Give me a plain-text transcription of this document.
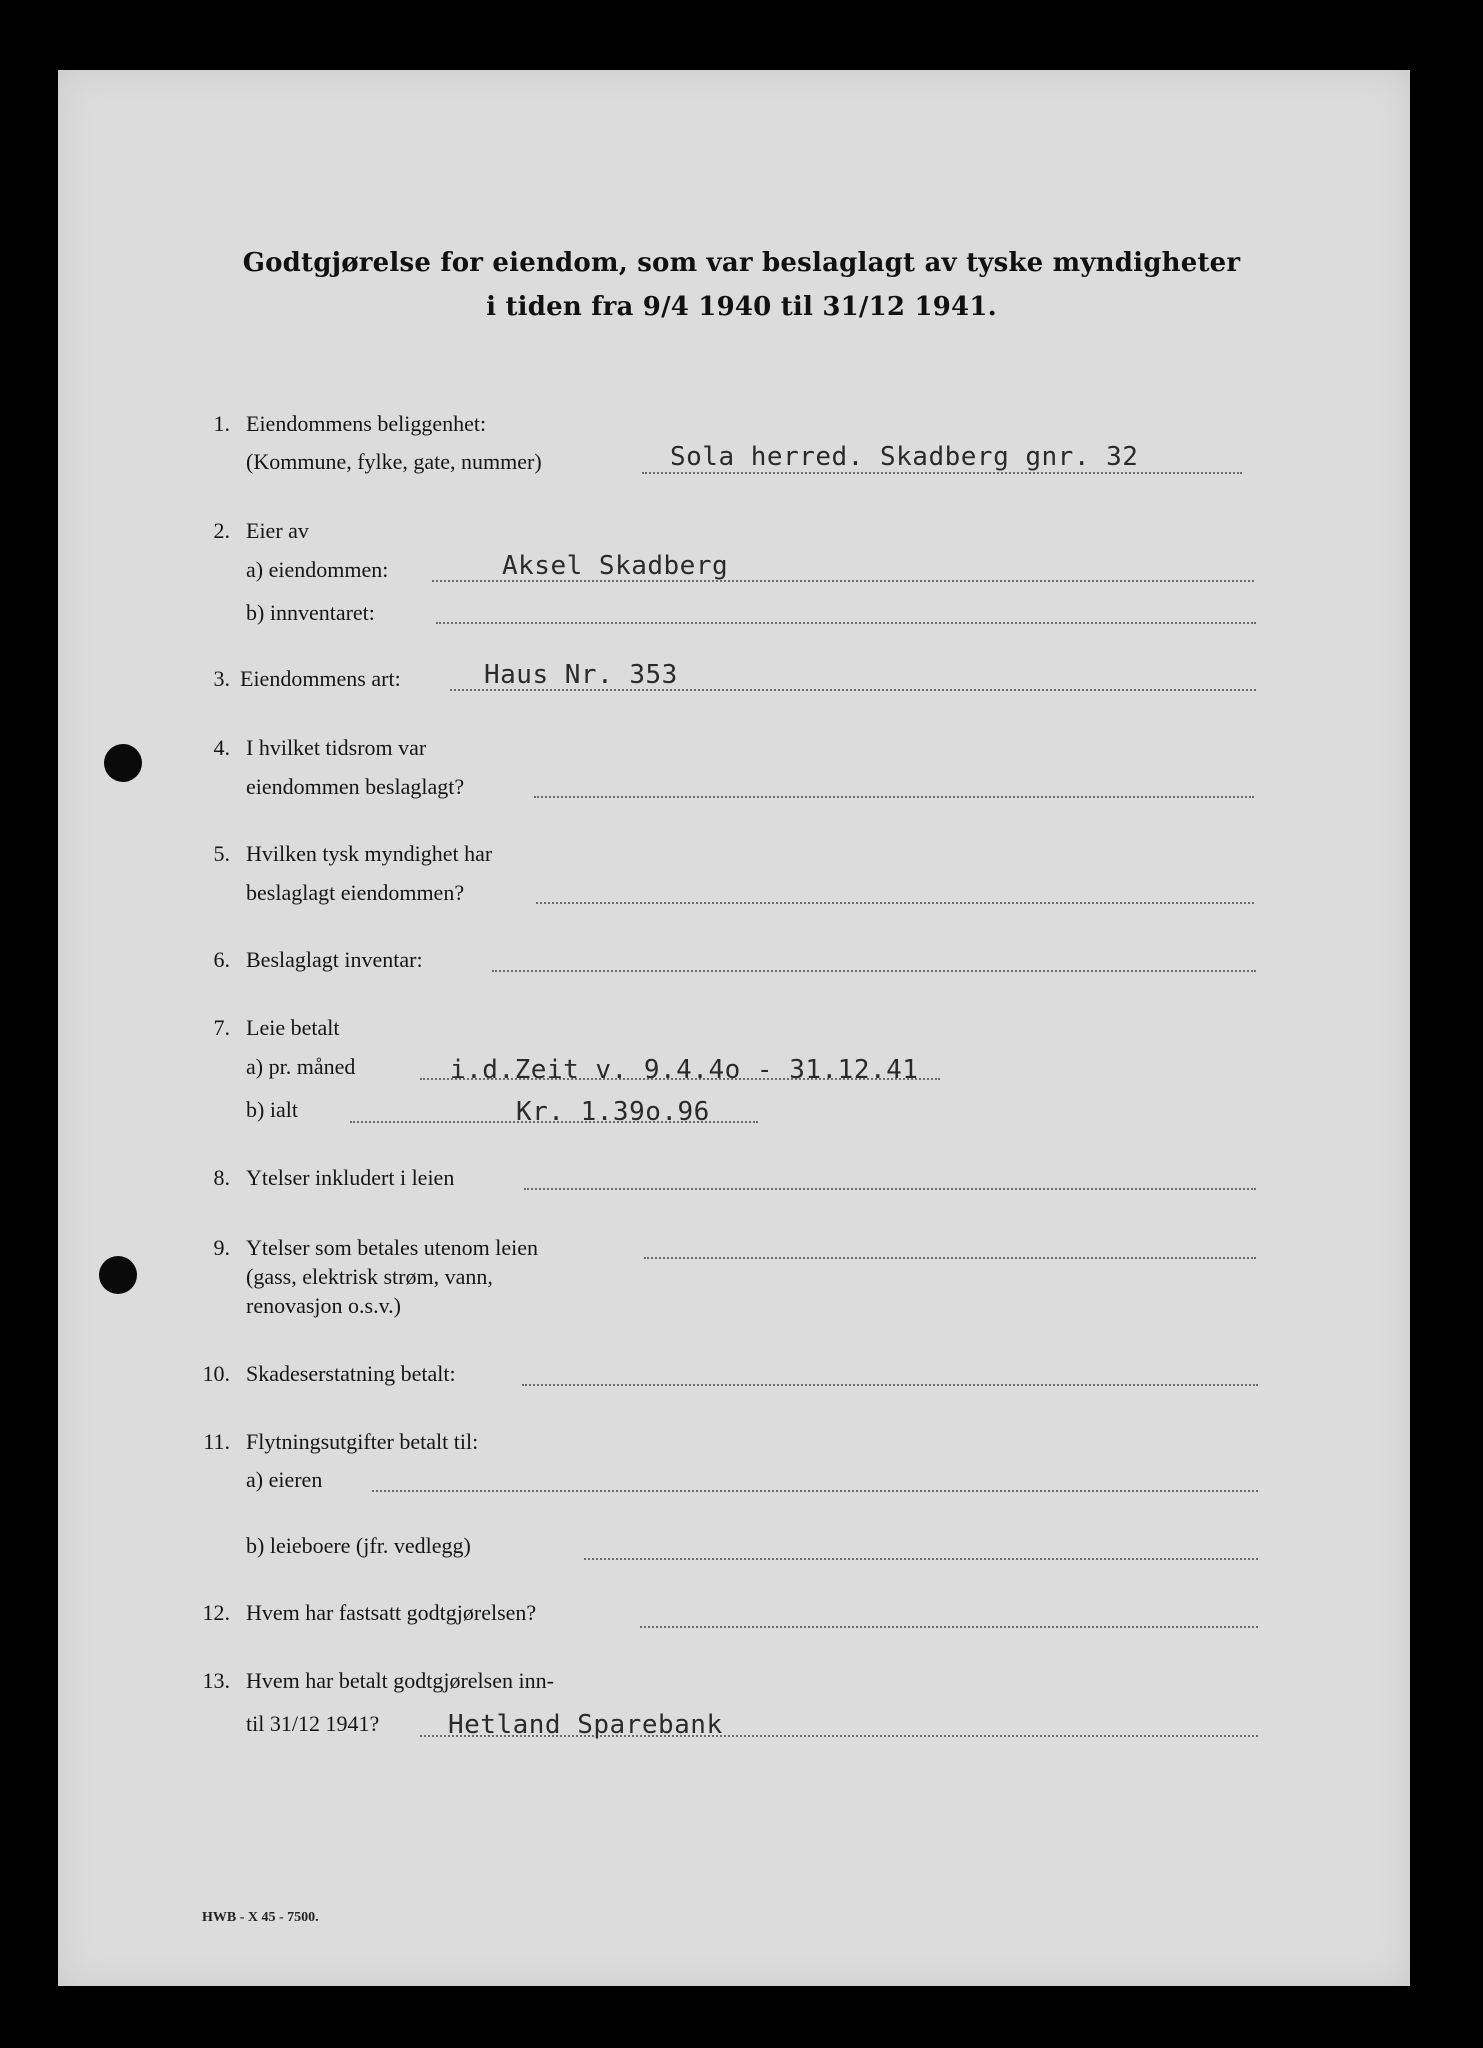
Godtgjørelse for eiendom, som var beslaglagt av tyske myndigheter
i tiden fra 9/4 1940 til 31/12 1941.
1. Eiendommens beliggenhet:
(Kommune, fylke, gate, nummer)	Sola herred. Skadberg gnr. 32
2. Eier av
a) eiendommen:	Aksel Skadberg
b) innventaret:
3. Eiendommens art:	Haus Nr. 353
4. I hvilket tidsrom var
eiendommen beslaglagt?
5. Hvilken tysk myndighet har
beslaglagt eiendommen?
6. Beslaglagt inventar:
7. Leie betalt
a) pr. måned	i.d.Zeit v. 9.4.4o - 31.12.41
b) ialt	Kr. 1.39o.96
8. Ytelser inkludert i leien
9. Ytelser som betales utenom leien
(gass, elektrisk strøm, vann,
renovasjon o.s.v.)
10. Skadeserstatning betalt:
11. Flytningsutgifter betalt til:
a) eieren
b) leieboere (jfr. vedlegg)
12. Hvem har fastsatt godtgjørelsen?
13. Hvem har betalt godtgjørelsen inn-
til 31/12 1941?	Hetland Sparebank
HWB - X 45 - 7500.
